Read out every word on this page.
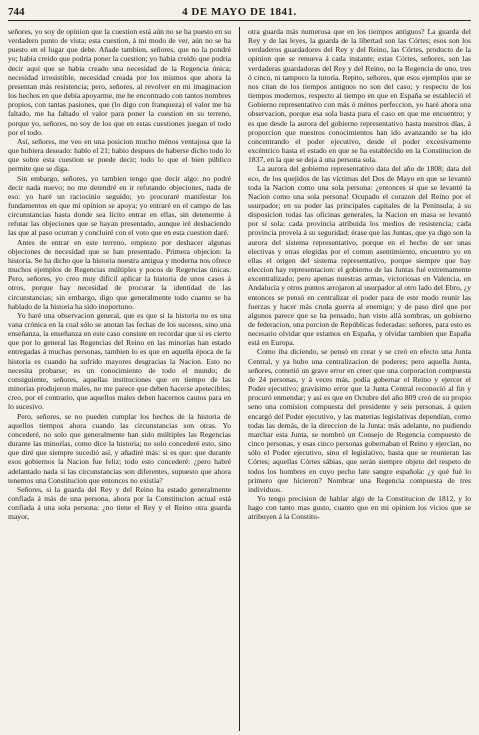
744	4 DE MAYO DE 1841.

señores, yo soy de opinion que la cuestion está aún no se ha puesto en su verdadero punto de vista; esta cuestion, á mi modo de ver, aún no se ha puesto en el lugar que debe. Añade tambien, señores, que no la pondré yo; habia creido que podria poner la cuestion; yo habia creido que podria decir aquí que se habia creado una necesidad de la Regencia única; necesidad irresistible, necesidad creada por los mismos que ahora la presentan más resistencia; pero, señores, al revolver en mi imaginacion los hechos en que debia apoyarme, me he encontrado con tantos nombres propios, con tantas pasiones, que (lo digo con franqueza) el valor me ha faltado, me ha faltado el valor para poner la cuestion en su terreno, porque yo, señores, no soy de los que en estas cuestiones juegan el todo por el todo.

Así, señores, me veo en una posicion mucho ménos ventajosa que la que hubiera deseado: hablo el 21; habio despues de haberse dicho todo lo que sobre esta cuestion se puede decir; todo lo que el bien público permite que se diga.

Sin embargo, señores, yo tambien tengo que decir algo: no podré decir nada nuevo; no me detendré en ir refutando objeciones, nada de eso: yo haré un raciocinio seguido; yo procuraré manifestar los fundamentos en que mi opinion se apoya; yo entraré en el campo de las circunstancias hasta donde sea lícito entrar en ellas, sin detenerme á refutar las objeciones que se hayan presentado, aunque iré deshaciendo las que al paso ocurran y concluiré con el voto que en esta cuestion daré.

Antes de entrar en este terreno, empiezo por deshacer algunas objeciones de necesidad que se han presentado. Primera objecion: la historia. Se ha dicho que la historia nuestra antigua y moderna nos ofrece muchos ejemplos de Regencias múltiples y pocos de Regencias únicas. Pero, señores, yo creo muy difícil aplicar la historia de unos casos á otros, porque hay necesidad de procurar la identidad de las circunstancias; sin embargo, digo que generalmente todo cuanto se ha hablado de la historia ha sido inoportuno.

Yo haré una observacion general, que es que si la historia no es una vana crónica en la cual sólo se anotan las fechas de los sucesos, sino una enseñanza, la enseñanza en este caso consiste en recordar que si es cierto que por lo general las Regencias del Reino en las minorías han estado entregadas á muchas personas, tambien lo es que en aquella época de la historia es cuando ha sufrido mayores desgracias la Nacion. Esto no necesita probarse; es un conocimiento de todo el mundo; de consiguiente, señores, aquellas instituciones que en tiempo de las minorías produjeron males, no me parece que deben hacerse apetecibles; creo, por el contrario, que aquellos males deben hacernos cautos para en lo sucesivo.

Pero, señores, se no pueden cumplar los hechos de la historia de aquellos tiempos ahora cuando las circunstancias son otras. Yo concederé, no solo que generalmente han sido múltiples las Regencias durante las minorías, como dice la historia; no solo concederé esto, sino que diré que siempre sucedió así, y añadiré más: si es que: que durante esos gobiernos la Nacion fue feliz; todo esto concederé: ¿pero habré adelantado nada si las circunstancias son diferentes, supuesto que ahora tenemos una Constitucion que entonces no existía?

Señores, si la guarda del Rey y del Reino ha estado generalmente confiada á más de una persona, ahora por la Constitucion actual está confiada á una sola persona: ¿no tiene el Rey y el Reino otra guarda mayor,

otra guarda más numerosa que en los tiempos antiguos? La guarda del Rey y de las leyes, la guarda de la libertad son las Córtes; esos son los verdaderos guardadores del Rey y del Reino, las Córtes, producto de la opinion que se renueva á cada instante; estas Córtes, señores, son las verdaderas guardadoras del Rey y del Reino, no la Regencia de uno, tres ó cinco, ni tampoco la tutoría. Repito, señores, que esos ejemplos que se nos citan de los tiempos antiguos no son del caso; y respecto de los tiempos modernos, respecto al tiempo en que en España se estableció el Gobierno representativo con más ó ménos perfeccion, yo haré ahora una observacion, porque esa sola basta para el caso en que me encuentro; y es que desde la aurora del gobierno representativo hasta nuestros días, á proporcion que nuestros conocimientos han ido avanzando se ha ido concentrando el poder ejecutivo, desde el poder excesivamente excéntrico hasta el estado en que se ha establecido en la Constitucion de 1837, en la que se deja á una persona sola.

La aurora del gobierno representativo data del año de 1808; data del eco, de los quejidos de las víctimas del Dos de Mayo en que se levantó toda la Nacion como una sola persona: ¿entonces sí que se levantó la Nacion como una sola persona! Ocupado el corazon del Reino por el usurpador; en su poder las principales capitales de la Península; á su disposicion todas las oficinas generales, la Nacion en masa se levantó por sí sola: cada provincia atribuida los medios de resistencia; cada provincia proveía á su seguridad; érase que las Juntas, que ya digo son la aurora del sistema representativo, porque en el hecho de ser unas electivas y otras elegidas por el comun asentimiento, encuentro yo en ellas el origen del sistema representativo, porque siempre que hay eleccion hay representacion: el gobierno de las Juntas fué extremamente excentralizado; pero apenas nuestras armas, victoriosas en Valencia, en Andalucía y otros puntos arrojaron al usurpador al otro lado del Ebro, ¿y entonces se pensó en centralizar el poder para de este modo reunir las fuerzas y hacer más cruda guerra al enemigo; y de paso diré que por algunos parece que se ha pensado, han visto allá sombras, un gobierno de federacion, una porcion de Repúblicas federadas: señores, para esto es necesario olvidar que estamos en España, y olvidar tambien que España está en Europa.

Como iba diciendo, se pensó en crear y se creó en efecto una Junta Central, y ya hubo una centralizacion de poderes; pero aquella Junta, señores, cometió un grave error en creer que una corporacion compuesta de 24 personas, y á veces más, podia gobernar el Reino y ejercer el Poder ejecutivo; gravísimo error que la Junta Central reconoció al fin y procuró enmendar; y así es que en Octubre del año 809 creó de su propio seno una comision compuesta del presidente y seis personas, á quien encargó del Poder ejecutivo, y las materias legislativas dependían, como todas las demás, de la direccion de la Junta: más adelante, no pudiendo marchar esta Junta, se nombró un Consejo de Regencia compuesto de cinco personas, y esas cinco personas gobernaban el Reino y ejercían, no sólo el Poder ejecutivo, sino el legislativo, hasta que se reunieran las Córtes; aquellas Córtes sábias, que serán siempre objeto del respeto de todos los hombres en cuyo pecho late sangre española: ¿y qué fué lo primero que hicieron? Nombrar una Regencia compuesta de tres individuos.

Yo tengo precision de hablar algo de la Constitucion de 1812, y lo hago con tanto mas gusto, cuanto que en mi opinion los vicios que se atribuyen á la Constitu-
